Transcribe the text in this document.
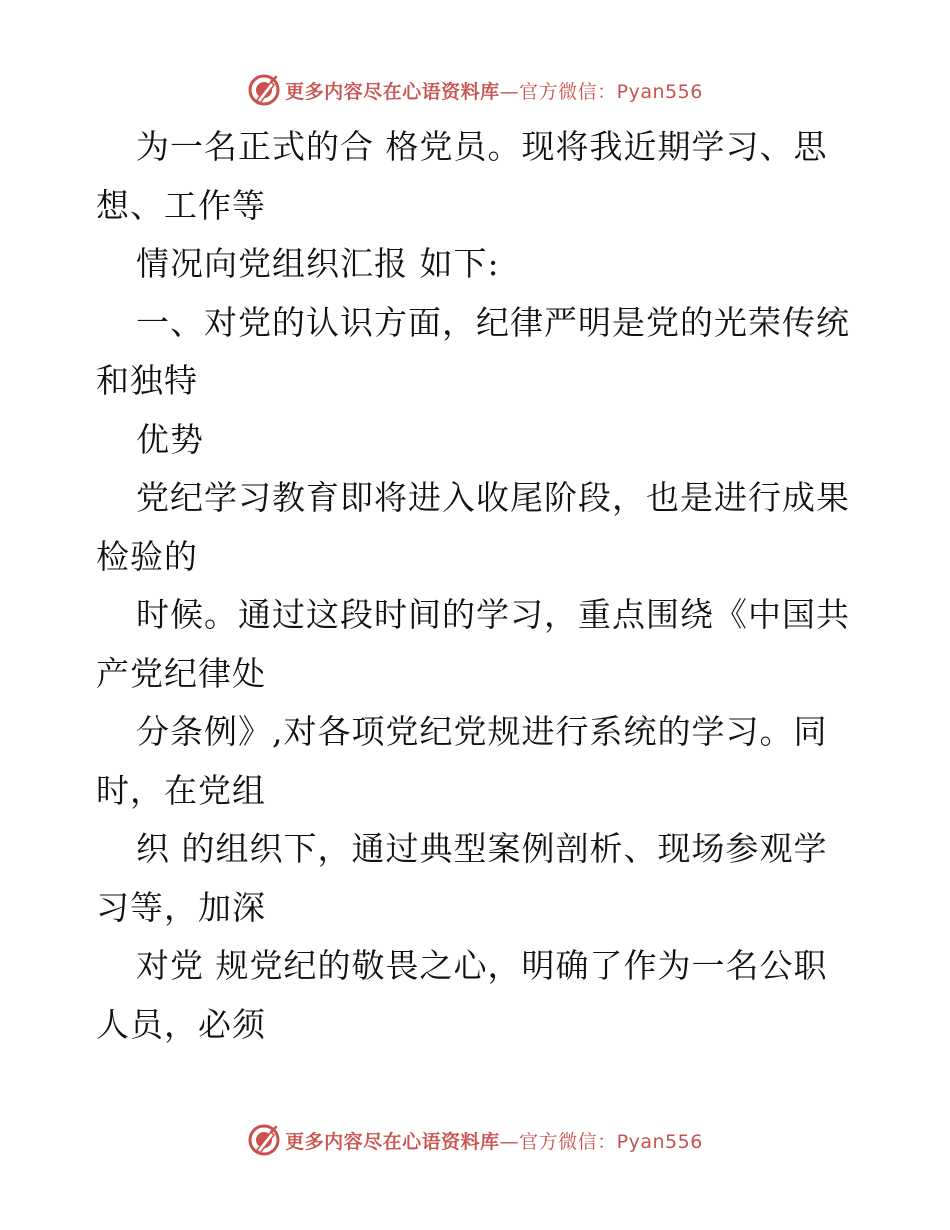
更多内容尽在心语资料库—官方微信：Pyan556
为一名正式的合 格党员。现将我近期学习、思
想、工作等
情况向党组织汇报 如下:
一、对党的认识方面，纪律严明是党的光荣传统
和独特
优势
党纪学习教育即将进入收尾阶段，也是进行成果
检验的
时候。通过这段时间的学习，重点围绕《中国共
产党纪律处
分条例》,对各项党纪党规进行系统的学习。同
时，在党组
织 的组织下，通过典型案例剖析、现场参观学
习等，加深
对党 规党纪的敬畏之心，明确了作为一名公职
人员，必须
更多内容尽在心语资料库—官方微信：Pyan556
